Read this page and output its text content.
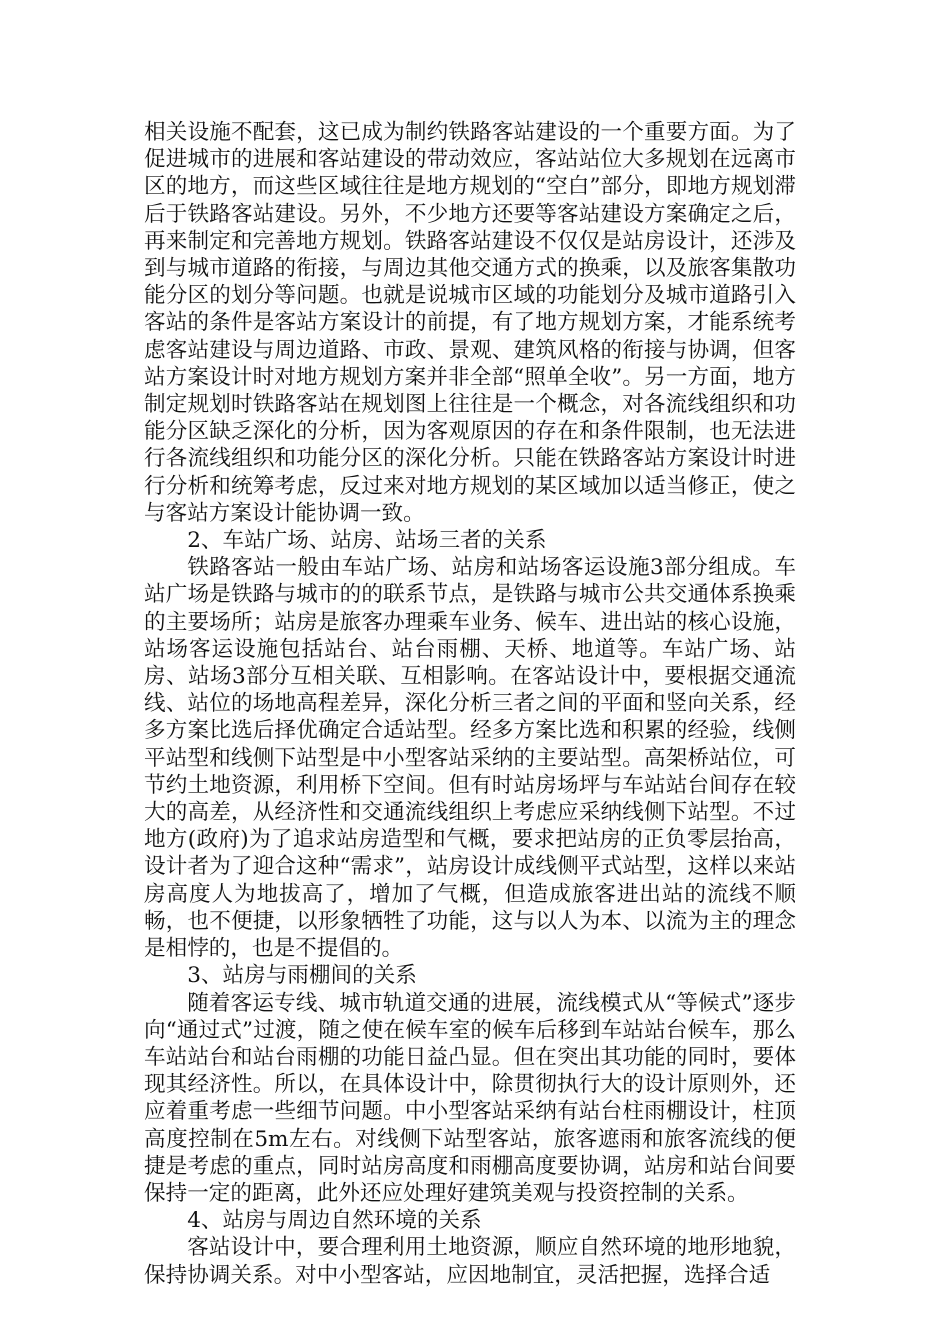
相关设施不配套，这已成为制约铁路客站建设的一个重要方面。为了促进城市的进展和客站建设的带动效应，客站站位大多规划在远离市区的地方，而这些区域往往是地方规划的“空白”部分，即地方规划滞后于铁路客站建设。另外，不少地方还要等客站建设方案确定之后，再来制定和完善地方规划。铁路客站建设不仅仅是站房设计，还涉及到与城市道路的衔接，与周边其他交通方式的换乘，以及旅客集散功能分区的划分等问题。也就是说城市区域的功能划分及城市道路引入客站的条件是客站方案设计的前提，有了地方规划方案，才能系统考虑客站建设与周边道路、市政、景观、建筑风格的衔接与协调，但客站方案设计时对地方规划方案并非全部“照单全收”。另一方面，地方制定规划时铁路客站在规划图上往往是一个概念，对各流线组织和功能分区缺乏深化的分析，因为客观原因的存在和条件限制，也无法进行各流线组织和功能分区的深化分析。只能在铁路客站方案设计时进行分析和统筹考虑，反过来对地方规划的某区域加以适当修正，使之与客站方案设计能协调一致。

2、车站广场、站房、站场三者的关系

铁路客站一般由车站广场、站房和站场客运设施3部分组成。车站广场是铁路与城市的的联系节点，是铁路与城市公共交通体系换乘的主要场所；站房是旅客办理乘车业务、候车、进出站的核心设施，站场客运设施包括站台、站台雨棚、天桥、地道等。车站广场、站房、站场3部分互相关联、互相影响。在客站设计中，要根据交通流线、站位的场地高程差异，深化分析三者之间的平面和竖向关系，经多方案比选后择优确定合适站型。经多方案比选和积累的经验，线侧平站型和线侧下站型是中小型客站采纳的主要站型。高架桥站位，可节约土地资源，利用桥下空间。但有时站房场坪与车站站台间存在较大的高差，从经济性和交通流线组织上考虑应采纳线侧下站型。不过地方(政府)为了追求站房造型和气概，要求把站房的正负零层抬高，设计者为了迎合这种“需求”，站房设计成线侧平式站型，这样以来站房高度人为地拔高了，增加了气概，但造成旅客进出站的流线不顺畅，也不便捷，以形象牺牲了功能，这与以人为本、以流为主的理念是相悖的，也是不提倡的。

3、站房与雨棚间的关系

随着客运专线、城市轨道交通的进展，流线模式从“等候式”逐步向“通过式”过渡，随之使在候车室的候车后移到车站站台候车，那么车站站台和站台雨棚的功能日益凸显。但在突出其功能的同时，要体现其经济性。所以，在具体设计中，除贯彻执行大的设计原则外，还应着重考虑一些细节问题。中小型客站采纳有站台柱雨棚设计，柱顶高度控制在5m左右。对线侧下站型客站，旅客遮雨和旅客流线的便捷是考虑的重点，同时站房高度和雨棚高度要协调，站房和站台间要保持一定的距离，此外还应处理好建筑美观与投资控制的关系。

4、站房与周边自然环境的关系

客站设计中，要合理利用土地资源，顺应自然环境的地形地貌，保持协调关系。对中小型客站，应因地制宜，灵活把握，选择合适
